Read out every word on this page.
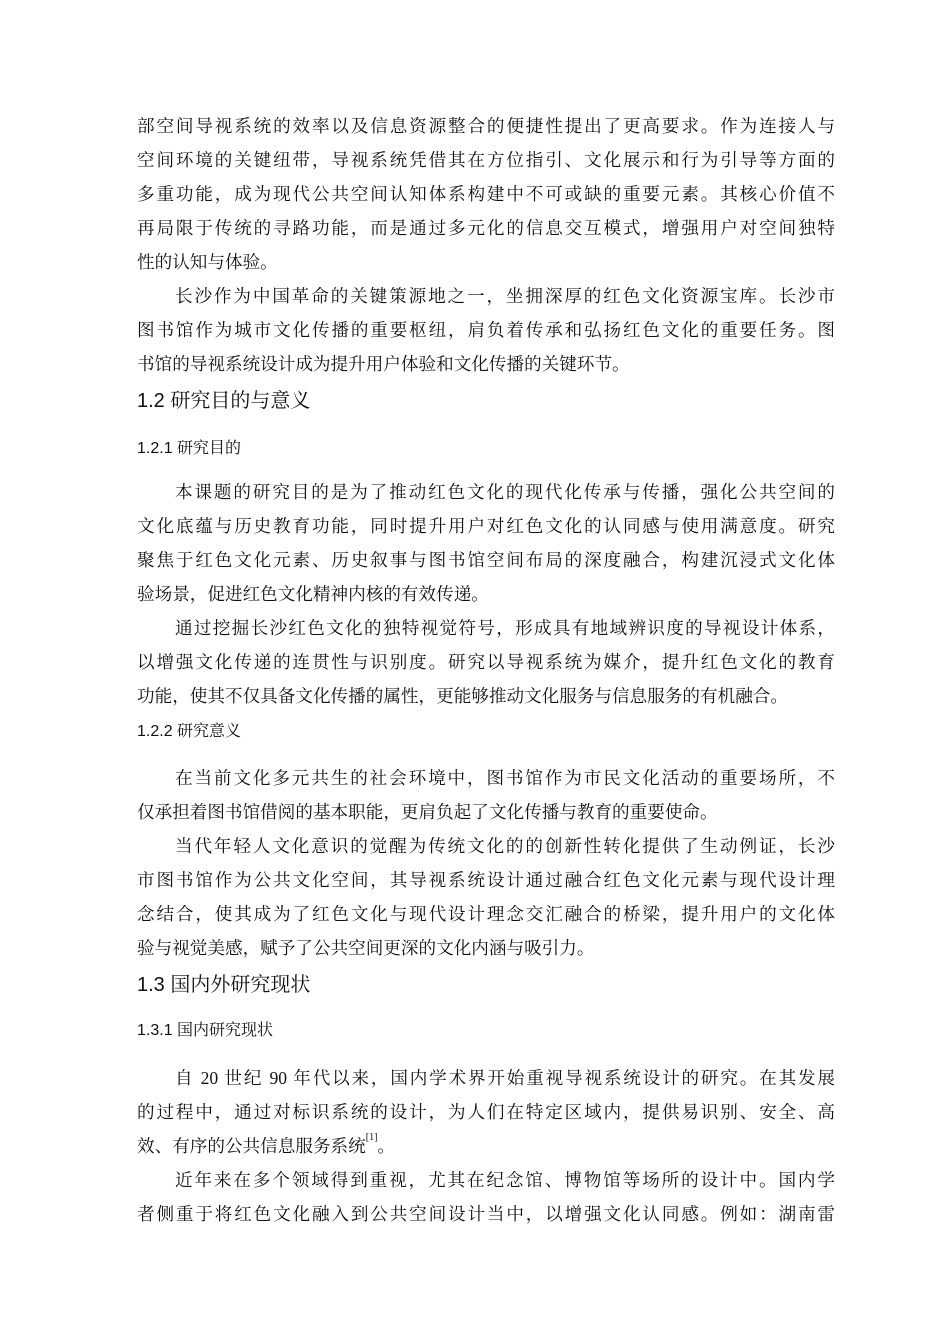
部空间导视系统的效率以及信息资源整合的便捷性提出了更高要求。作为连接人与
空间环境的关键纽带，导视系统凭借其在方位指引、文化展示和行为引导等方面的
多重功能，成为现代公共空间认知体系构建中不可或缺的重要元素。其核心价值不
再局限于传统的寻路功能，而是通过多元化的信息交互模式，增强用户对空间独特
性的认知与体验。
长沙作为中国革命的关键策源地之一，坐拥深厚的红色文化资源宝库。长沙市
图书馆作为城市文化传播的重要枢纽，肩负着传承和弘扬红色文化的重要任务。图
书馆的导视系统设计成为提升用户体验和文化传播的关键环节。
1.2 研究目的与意义
1.2.1 研究目的
本课题的研究目的是为了推动红色文化的现代化传承与传播，强化公共空间的
文化底蕴与历史教育功能，同时提升用户对红色文化的认同感与使用满意度。研究
聚焦于红色文化元素、历史叙事与图书馆空间布局的深度融合，构建沉浸式文化体
验场景，促进红色文化精神内核的有效传递。
通过挖掘长沙红色文化的独特视觉符号，形成具有地域辨识度的导视设计体系，
以增强文化传递的连贯性与识别度。研究以导视系统为媒介，提升红色文化的教育
功能，使其不仅具备文化传播的属性，更能够推动文化服务与信息服务的有机融合。
1.2.2 研究意义
在当前文化多元共生的社会环境中，图书馆作为市民文化活动的重要场所，不
仅承担着图书馆借阅的基本职能，更肩负起了文化传播与教育的重要使命。
当代年轻人文化意识的觉醒为传统文化的的创新性转化提供了生动例证，长沙
市图书馆作为公共文化空间，其导视系统设计通过融合红色文化元素与现代设计理
念结合，使其成为了红色文化与现代设计理念交汇融合的桥梁，提升用户的文化体
验与视觉美感，赋予了公共空间更深的文化内涵与吸引力。
1.3 国内外研究现状
1.3.1 国内研究现状
自 20 世纪 90 年代以来，国内学术界开始重视导视系统设计的研究。在其发展
的过程中，通过对标识系统的设计，为人们在特定区域内，提供易识别、安全、高
效、有序的公共信息服务系统[1]。
近年来在多个领域得到重视，尤其在纪念馆、博物馆等场所的设计中。国内学
者侧重于将红色文化融入到公共空间设计当中，以增强文化认同感。例如：湖南雷
